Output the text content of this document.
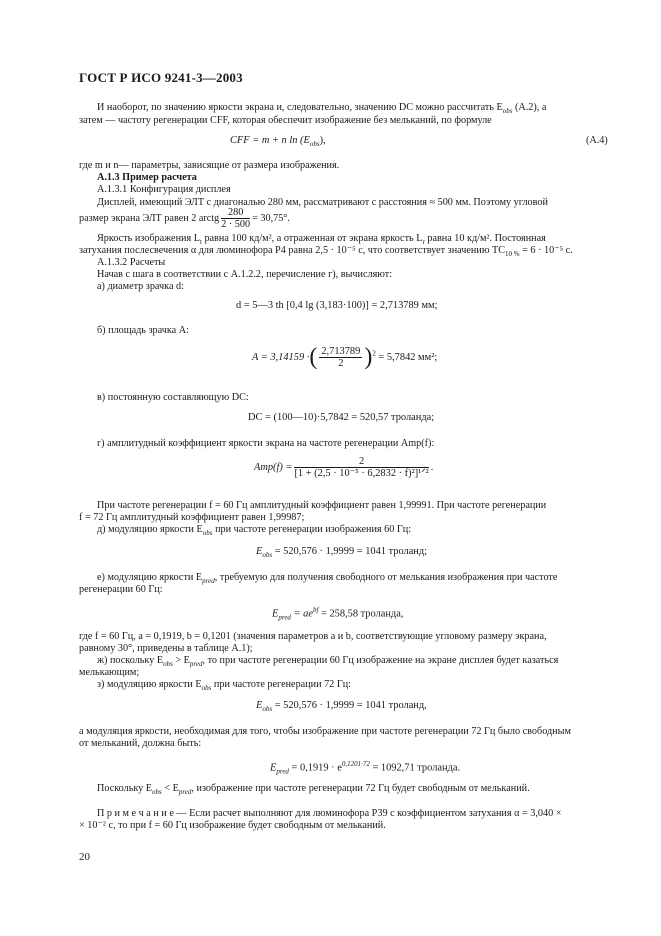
ГОСТ Р ИСО 9241-3—2003
И наоборот, по значению яркости экрана и, следовательно, значению DC можно рассчитать $E_{obs}$ (А.2), а
затем — частоту регенерации CFF, которая обеспечит изображение без мельканий, по формуле
CFF = m + n $\ln (E_{obs})$,	(А.4)
где m и n— параметры, зависящие от размера изображения.
А.1.3 Пример расчета
А.1.3.1 Конфигурация дисплея
Дисплей, имеющий ЭЛТ с диагональю 280 мм, рассматривают с расстояния ≈ 500 мм. Поэтому угловой
размер экрана ЭЛТ равен 2 arctg $\frac{280}{2 \cdot 500} = 30,75^\circ$.
Яркость изображения $L_t$ равна 100 кд/м², а отраженная от экрана яркость $L_r$ равна 10 кд/м². Постоянная
затухания послесвечения α для люминофора Р4 равна 2,5 · 10⁻⁵ с, что соответствует значению $TC_{10 \%} = 6 \cdot 10^{-5}$ с.
А.1.3.2 Расчеты
Начав с шага в соответствии с А.1.2.2, перечисление г), вычисляют:
а) диаметр зрачка d:
d = 5—3 th [0,4 lg (3,183·100)] = 2,713789 мм;
б) площадь зрачка A:
A = 3,14159 ·( $\frac{2,713789}{2} )^2 = 5,7842$ мм²;
в) постоянную составляющую DC:
DC = (100—10)·5,7842 = 520,57 троланда;
г) амплитудный коэффициент яркости экрана на частоте регенерации Amp(f):
$Amp(f) = \frac{2}{\text{[1 + (2,5 · 10⁻⁵ · 6,2832 · f)²]¹ᐟ²}}$ .
При частоте регенерации f = 60 Гц амплитудный коэффициент равен 1,99991. При частоте регенерации
f = 72 Гц амплитудный коэффициент равен 1,99987;
д) модуляцию яркости $E_{obs}$ при частоте регенерации изображения 60 Гц:
$E_{obs} = 520,576 \cdot 1,9999 = 1041$ троланд;
е) модуляцию яркости $E_{pred}$, требуемую для получения свободного от мелькания изображения при частоте
регенерации 60 Гц:
$E_{pred} = ae^{bf} = 258,58$ троланда,
где f = 60 Гц, a = 0,1919, b = 0,1201 (значения параметров a и b, соответствующие угловому размеру экрана,
равному 30°, приведены в таблице А.1);
ж) поскольку $E_{obs} > E_{pred}$, то при частоте регенерации 60 Гц изображение на экране дисплея будет казаться
мелькающим;
з) модуляцию яркости $E_{obs}$ при частоте регенерации 72 Гц:
$E_{obs} = 520,576 \cdot 1,9999 = 1041$ троланд,
а модуляция яркости, необходимая для того, чтобы изображение при частоте регенерации 72 Гц было свободным
от мельканий, должна быть:
$E_{pred} = 0,1919 \cdot e^{0,1201\cdot 72} = 1092,71$ троланда.
Поскольку $E_{obs} < E_{pred}$, изображение при частоте регенерации 72 Гц будет свободным от мельканий.
П р и м е ч а н и е — Если расчет выполняют для люминофора Р39 с коэффициентом затухания α = 3,040 ×
× 10⁻² с, то при f = 60 Гц изображение будет свободным от мельканий.
20
